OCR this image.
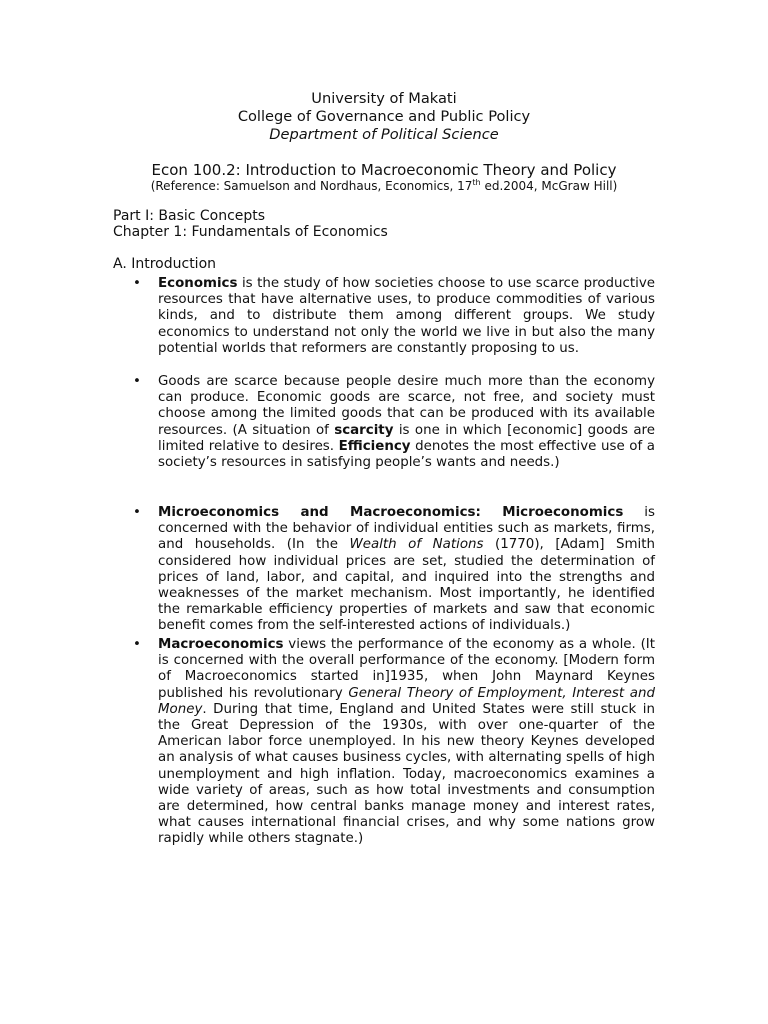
University of Makati
College of Governance and Public Policy
Department of Political Science
Econ 100.2: Introduction to Macroeconomic Theory and Policy
(Reference: Samuelson and Nordhaus, Economics, 17th ed.2004, McGraw Hill)
Part I: Basic Concepts
Chapter 1: Fundamentals of Economics
A. Introduction
• Economics is the study of how societies choose to use scarce productive resources that have alternative uses, to produce commodities of various kinds, and to distribute them among different groups. We study economics to understand not only the world we live in but also the many potential worlds that reformers are constantly proposing to us.
• Goods are scarce because people desire much more than the economy can produce. Economic goods are scarce, not free, and society must choose among the limited goods that can be produced with its available resources. (A situation of scarcity is one in which [economic] goods are limited relative to desires. Efficiency denotes the most effective use of a society’s resources in satisfying people’s wants and needs.)
• Microeconomics and Macroeconomics: Microeconomics is concerned with the behavior of individual entities such as markets, firms, and households. (In the Wealth of Nations (1770), [Adam] Smith considered how individual prices are set, studied the determination of prices of land, labor, and capital, and inquired into the strengths and weaknesses of the market mechanism. Most importantly, he identified the remarkable efficiency properties of markets and saw that economic benefit comes from the self-interested actions of individuals.)
• Macroeconomics views the performance of the economy as a whole. (It is concerned with the overall performance of the economy. [Modern form of Macroeconomics started in]1935, when John Maynard Keynes published his revolutionary General Theory of Employment, Interest and Money. During that time, England and United States were still stuck in the Great Depression of the 1930s, with over one-quarter of the American labor force unemployed. In his new theory Keynes developed an analysis of what causes business cycles, with alternating spells of high unemployment and high inflation. Today, macroeconomics examines a wide variety of areas, such as how total investments and consumption are determined, how central banks manage money and interest rates, what causes international financial crises, and why some nations grow rapidly while others stagnate.)
